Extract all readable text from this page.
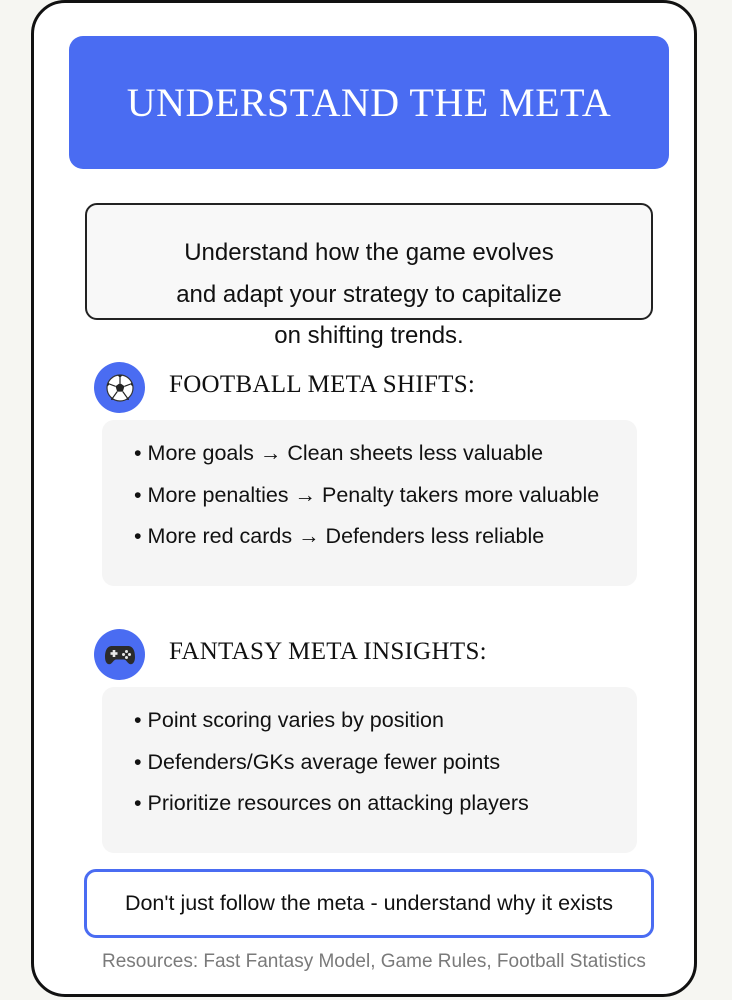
UNDERSTAND THE META
Understand how the game evolves
and adapt your strategy to capitalize
on shifting trends.
FOOTBALL META SHIFTS:
• More goals → Clean sheets less valuable
• More penalties → Penalty takers more valuable
• More red cards → Defenders less reliable
FANTASY META INSIGHTS:
• Point scoring varies by position
• Defenders/GKs average fewer points
• Prioritize resources on attacking players
Don't just follow the meta - understand why it exists
Resources: Fast Fantasy Model, Game Rules, Football Statistics
